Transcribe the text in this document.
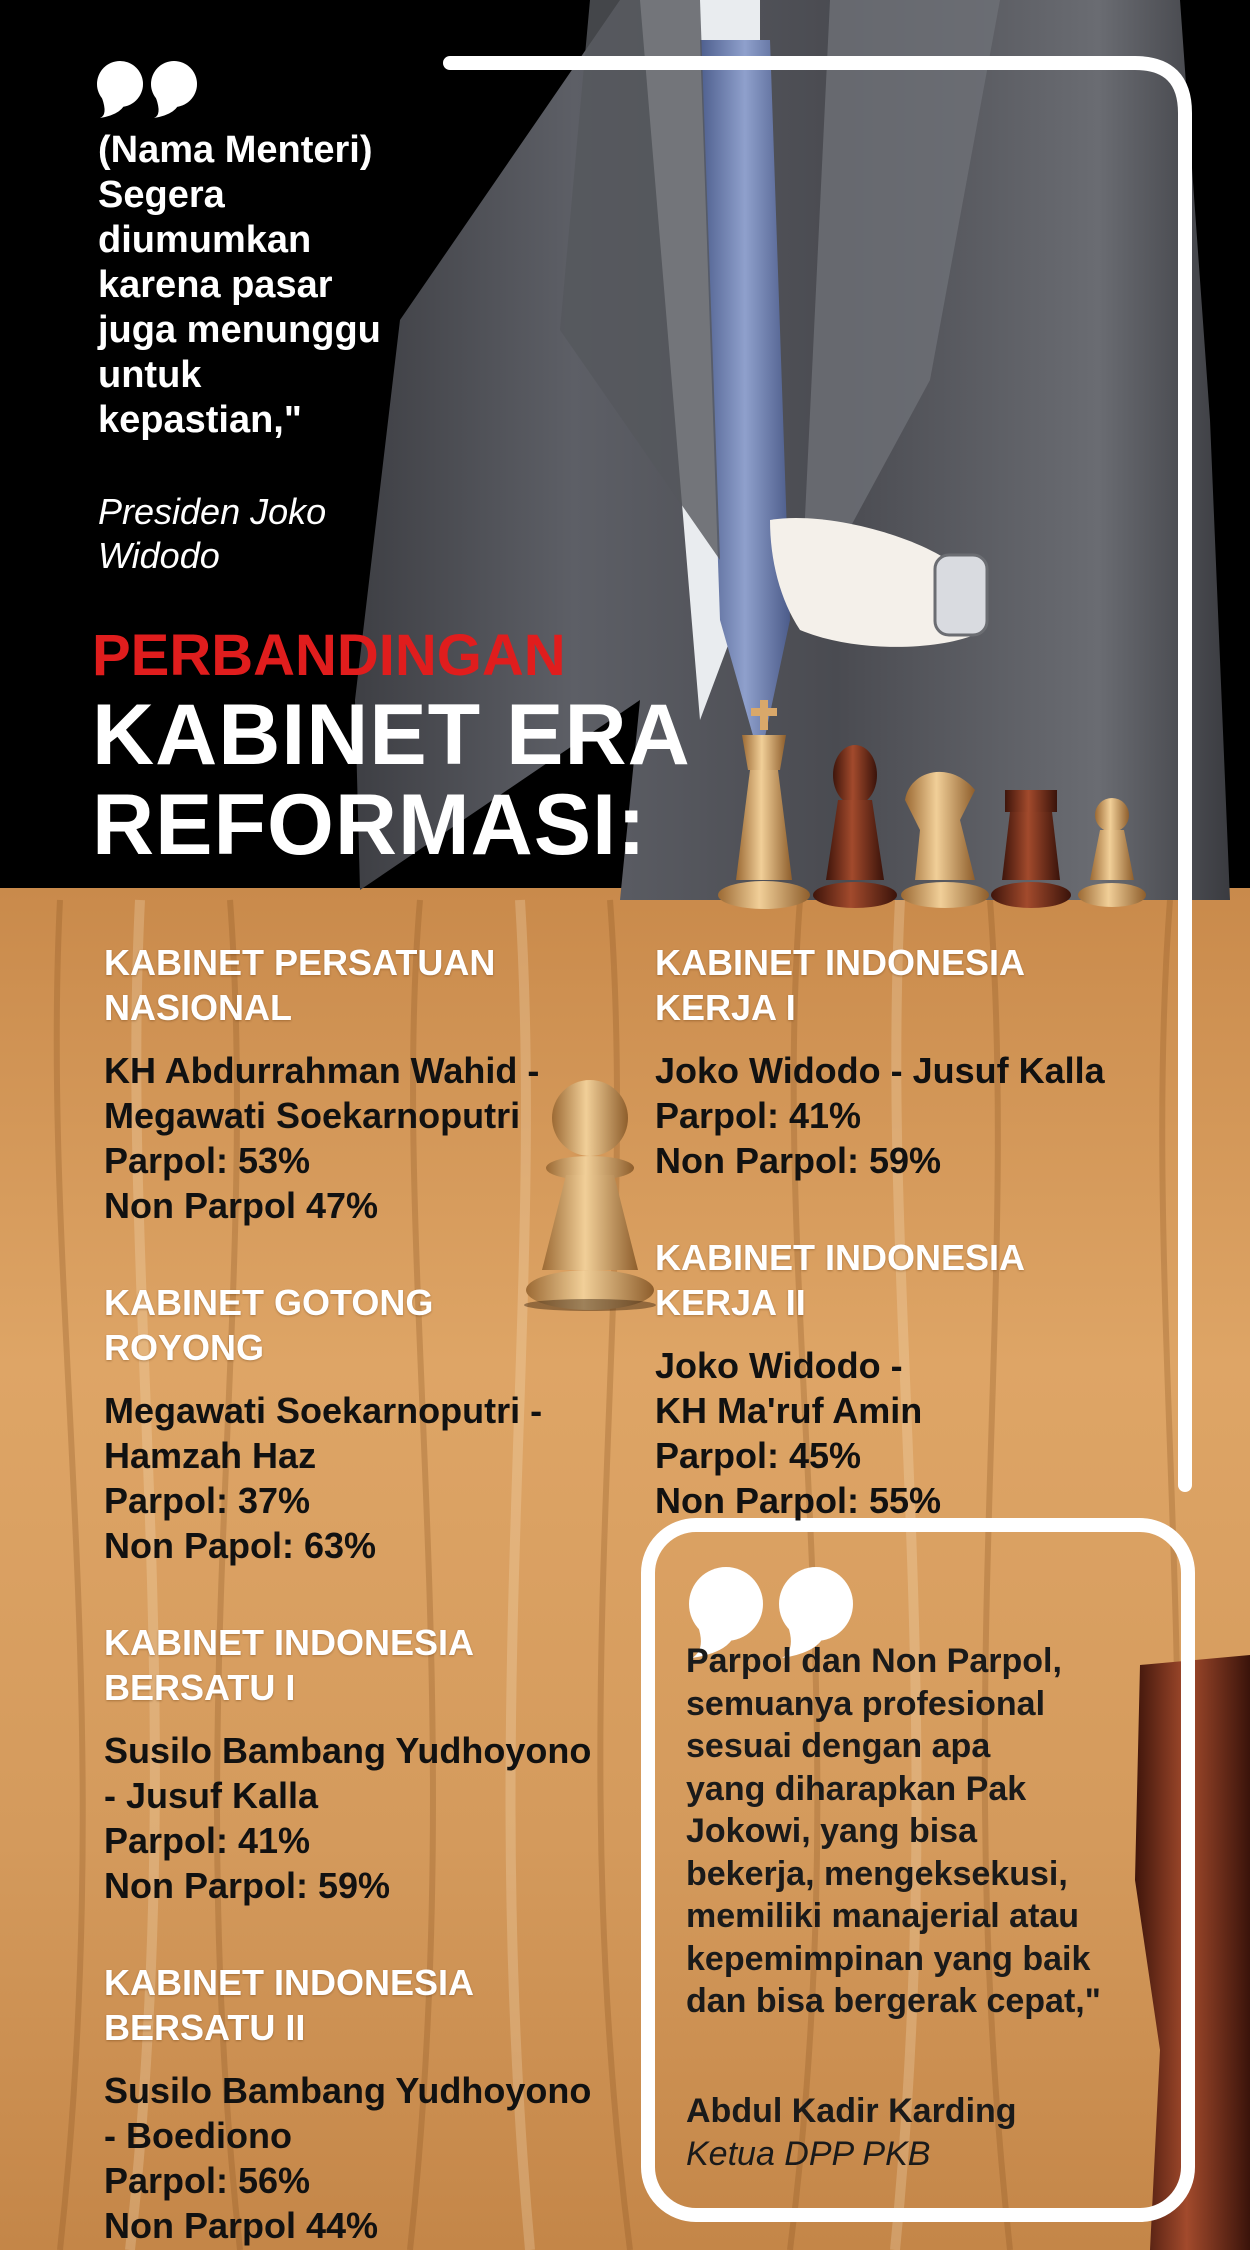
(Nama Menteri)
Segera
diumumkan
karena pasar
juga menunggu
untuk
kepastian,"
Presiden Joko
Widodo
PERBANDINGAN
KABINET ERA
REFORMASI:
KABINET PERSATUAN
NASIONAL
KH Abdurrahman Wahid -
Megawati Soekarnoputri
Parpol: 53%
Non Parpol 47%
KABINET GOTONG
ROYONG
Megawati Soekarnoputri -
Hamzah Haz
Parpol: 37%
Non Papol: 63%
KABINET INDONESIA
BERSATU I
Susilo Bambang Yudhoyono
- Jusuf Kalla
Parpol: 41%
Non Parpol: 59%
KABINET INDONESIA
BERSATU II
Susilo Bambang Yudhoyono
- Boediono
Parpol: 56%
Non Parpol 44%
KABINET INDONESIA
KERJA I
Joko Widodo - Jusuf Kalla
Parpol: 41%
Non Parpol: 59%
KABINET INDONESIA
KERJA II
Joko Widodo -
KH Ma'ruf Amin
Parpol: 45%
Non Parpol: 55%
Parpol dan Non Parpol,
semuanya profesional
sesuai dengan apa
yang diharapkan Pak
Jokowi, yang bisa
bekerja, mengeksekusi,
memiliki manajerial atau
kepemimpinan yang baik
dan bisa bergerak cepat,"
Abdul Kadir Karding
Ketua DPP PKB
